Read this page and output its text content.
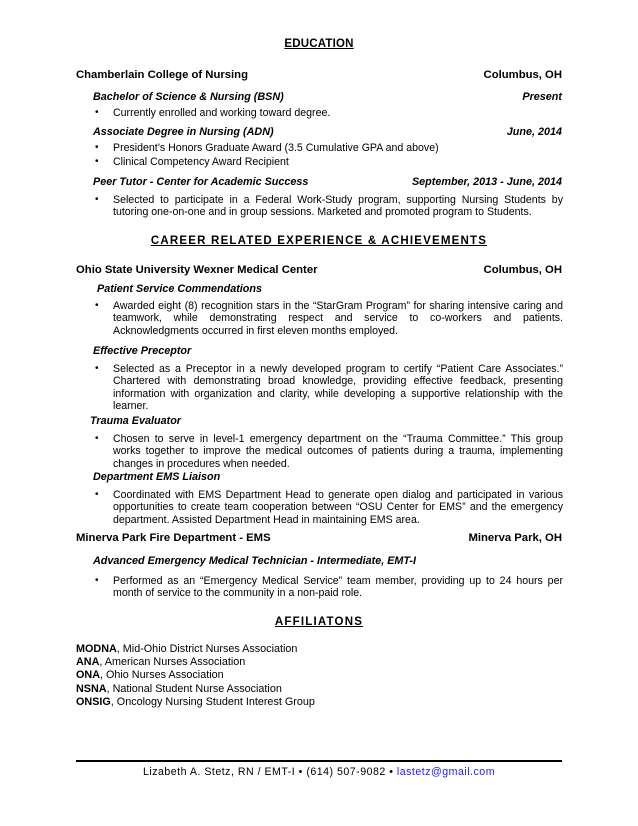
EDUCATION
Chamberlain College of Nursing	Columbus, OH
Bachelor of Science & Nursing (BSN)	Present
• Currently enrolled and working toward degree.
Associate Degree in Nursing (ADN)	June, 2014
• President’s Honors Graduate Award (3.5 Cumulative GPA and above)
• Clinical Competency Award Recipient
Peer Tutor - Center for Academic Success	September, 2013 - June, 2014
• Selected to participate in a Federal Work-Study program, supporting Nursing Students by tutoring one-on-one and in group sessions. Marketed and promoted program to Students.
CAREER RELATED EXPERIENCE & ACHIEVEMENTS
Ohio State University Wexner Medical Center	Columbus, OH
Patient Service Commendations
• Awarded eight (8) recognition stars in the “StarGram Program” for sharing intensive caring and teamwork, while demonstrating respect and service to co-workers and patients. Acknowledgments occurred in first eleven months employed.
Effective Preceptor
• Selected as a Preceptor in a newly developed program to certify “Patient Care Associates.” Chartered with demonstrating broad knowledge, providing effective feedback, presenting information with organization and clarity, while developing a supportive relationship with the learner.
Trauma Evaluator
• Chosen to serve in level-1 emergency department on the “Trauma Committee.” This group works together to improve the medical outcomes of patients during a trauma, implementing changes in procedures when needed.
Department EMS Liaison
• Coordinated with EMS Department Head to generate open dialog and participated in various opportunities to create team cooperation between “OSU Center for EMS” and the emergency department. Assisted Department Head in maintaining EMS area.
Minerva Park Fire Department - EMS	Minerva Park, OH
Advanced Emergency Medical Technician - Intermediate, EMT-I
• Performed as an “Emergency Medical Service” team member, providing up to 24 hours per month of service to the community in a non-paid role.
AFFILIATONS
MODNA, Mid-Ohio District Nurses Association
ANA, American Nurses Association
ONA, Ohio Nurses Association
NSNA, National Student Nurse Association
ONSIG, Oncology Nursing Student Interest Group
Lizabeth A. Stetz, RN / EMT-I • (614) 507-9082 • lastetz@gmail.com
